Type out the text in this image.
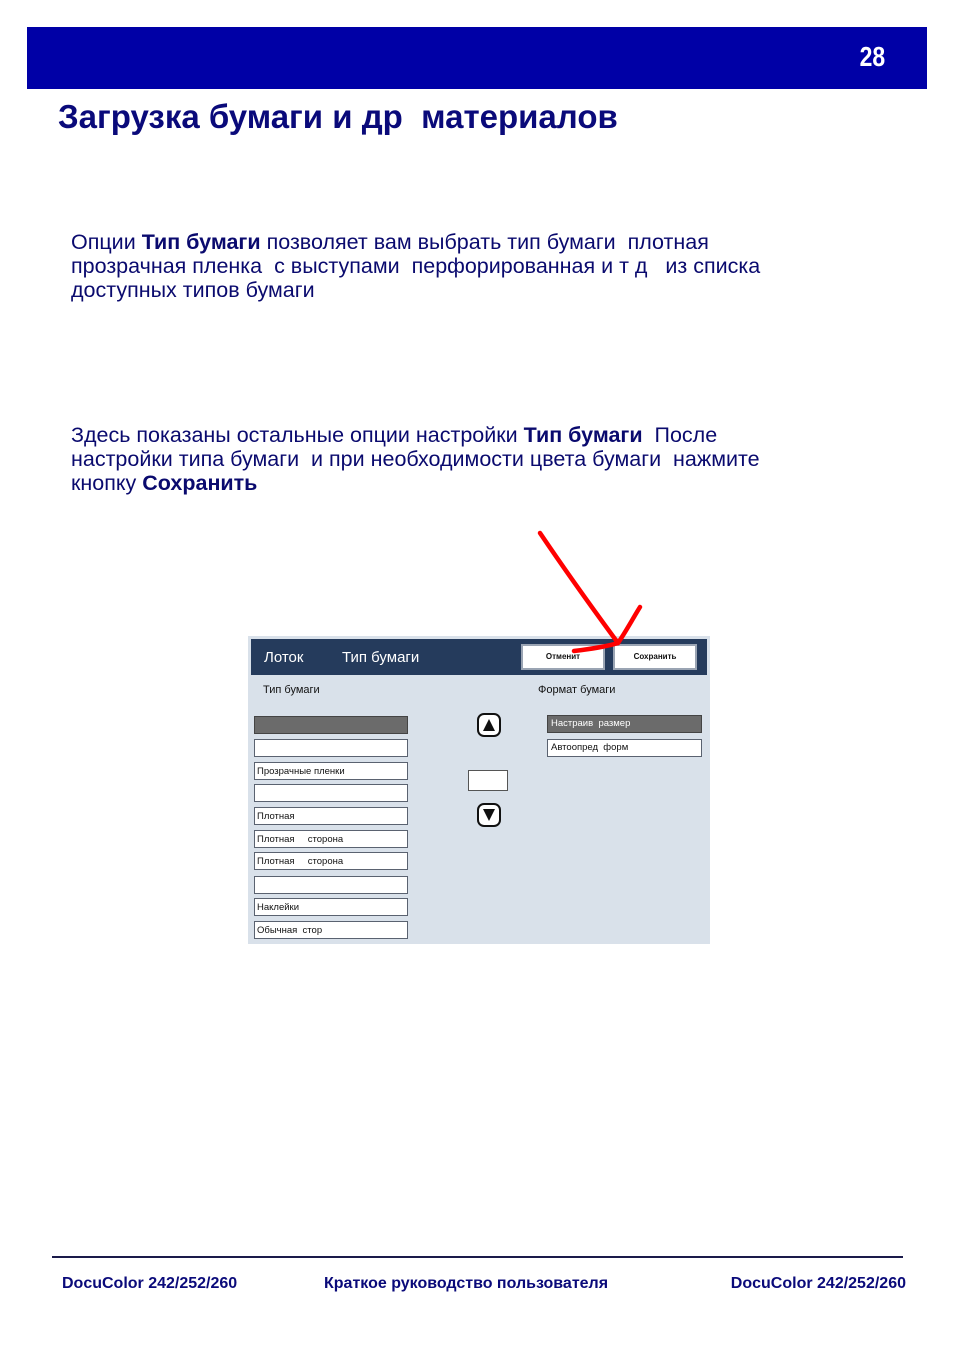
28
Загрузка бумаги и др  материалов
Опции Тип бумаги позволяет вам выбрать тип бумаги  плотная
прозрачная пленка  с выступами  перфорированная и т д   из списка
доступных типов бумаги
Здесь показаны остальные опции настройки Тип бумаги  После
настройки типа бумаги  и при необходимости цвета бумаги  нажмите
кнопку Сохранить
Лоток	Тип бумаги	Отменит	Сохранить
Тип бумаги	Формат бумаги
Прозрачные пленки
Плотная
Плотная     сторона
Плотная     сторона
Наклейки
Обычная  стор
Настраив  размер
Автоопред  форм
DocuColor 242/252/260	Краткое руководство пользователя	DocuColor 242/252/260
